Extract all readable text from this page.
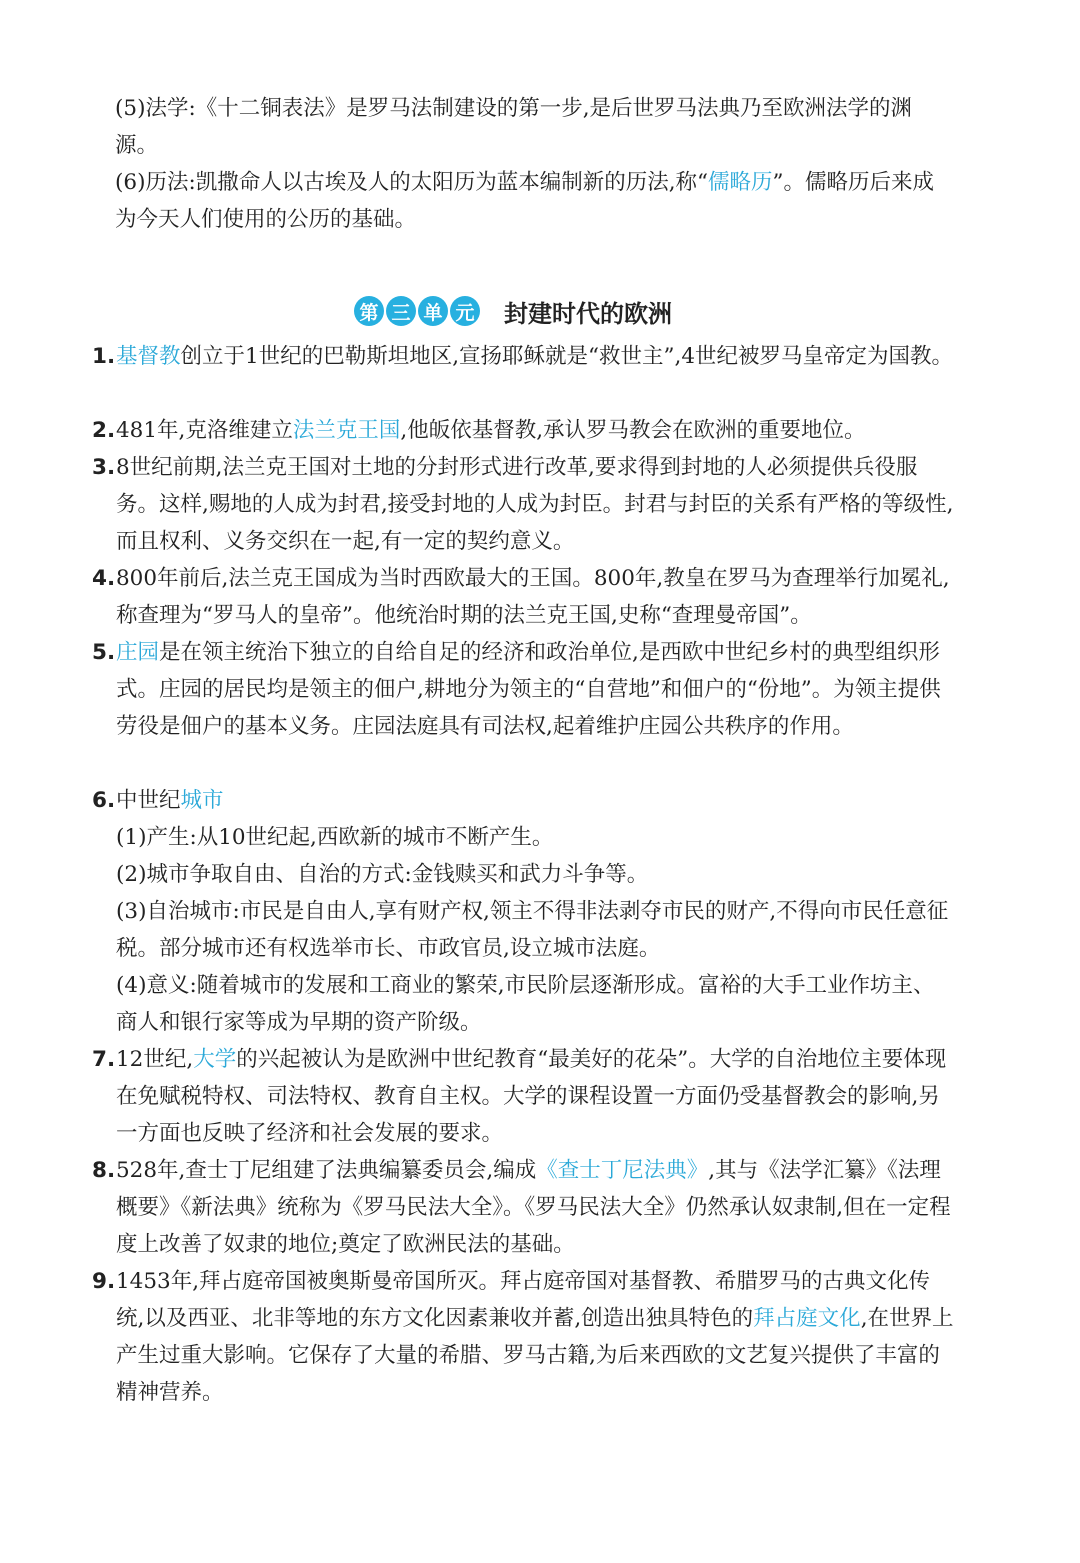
(5)法学:《十二铜表法》是罗马法制建设的第一步,是后世罗马法典乃至欧洲法学的渊源。
(6)历法:凯撒命人以古埃及人的太阳历为蓝本编制新的历法,称“儒略历”。儒略历后来成为今天人们使用的公历的基础。
第 三 单 元 封建时代的欧洲
1. 基督教创立于1世纪的巴勒斯坦地区,宣扬耶稣就是“救世主”,4世纪被罗马皇帝定为国教。
2. 481年,克洛维建立法兰克王国,他皈依基督教,承认罗马教会在欧洲的重要地位。
3. 8世纪前期,法兰克王国对土地的分封形式进行改革,要求得到封地的人必须提供兵役服务。这样,赐地的人成为封君,接受封地的人成为封臣。封君与封臣的关系有严格的等级性,而且权利、义务交织在一起,有一定的契约意义。
4. 800年前后,法兰克王国成为当时西欧最大的王国。800年,教皇在罗马为查理举行加冕礼,称查理为“罗马人的皇帝”。他统治时期的法兰克王国,史称“查理曼帝国”。
5. 庄园是在领主统治下独立的自给自足的经济和政治单位,是西欧中世纪乡村的典型组织形式。庄园的居民均是领主的佃户,耕地分为领主的“自营地”和佃户的“份地”。为领主提供劳役是佃户的基本义务。庄园法庭具有司法权,起着维护庄园公共秩序的作用。
6. 中世纪城市
(1)产生:从10世纪起,西欧新的城市不断产生。
(2)城市争取自由、自治的方式:金钱赎买和武力斗争等。
(3)自治城市:市民是自由人,享有财产权,领主不得非法剥夺市民的财产,不得向市民任意征税。部分城市还有权选举市长、市政官员,设立城市法庭。
(4)意义:随着城市的发展和工商业的繁荣,市民阶层逐渐形成。富裕的大手工业作坊主、商人和银行家等成为早期的资产阶级。
7. 12世纪,大学的兴起被认为是欧洲中世纪教育“最美好的花朵”。大学的自治地位主要体现在免赋税特权、司法特权、教育自主权。大学的课程设置一方面仍受基督教会的影响,另一方面也反映了经济和社会发展的要求。
8. 528年,查士丁尼组建了法典编纂委员会,编成《查士丁尼法典》,其与《法学汇纂》《法理概要》《新法典》统称为《罗马民法大全》。《罗马民法大全》仍然承认奴隶制,但在一定程度上改善了奴隶的地位;奠定了欧洲民法的基础。
9. 1453年,拜占庭帝国被奥斯曼帝国所灭。拜占庭帝国对基督教、希腊罗马的古典文化传统,以及西亚、北非等地的东方文化因素兼收并蓄,创造出独具特色的拜占庭文化,在世界上产生过重大影响。它保存了大量的希腊、罗马古籍,为后来西欧的文艺复兴提供了丰富的精神营养。
